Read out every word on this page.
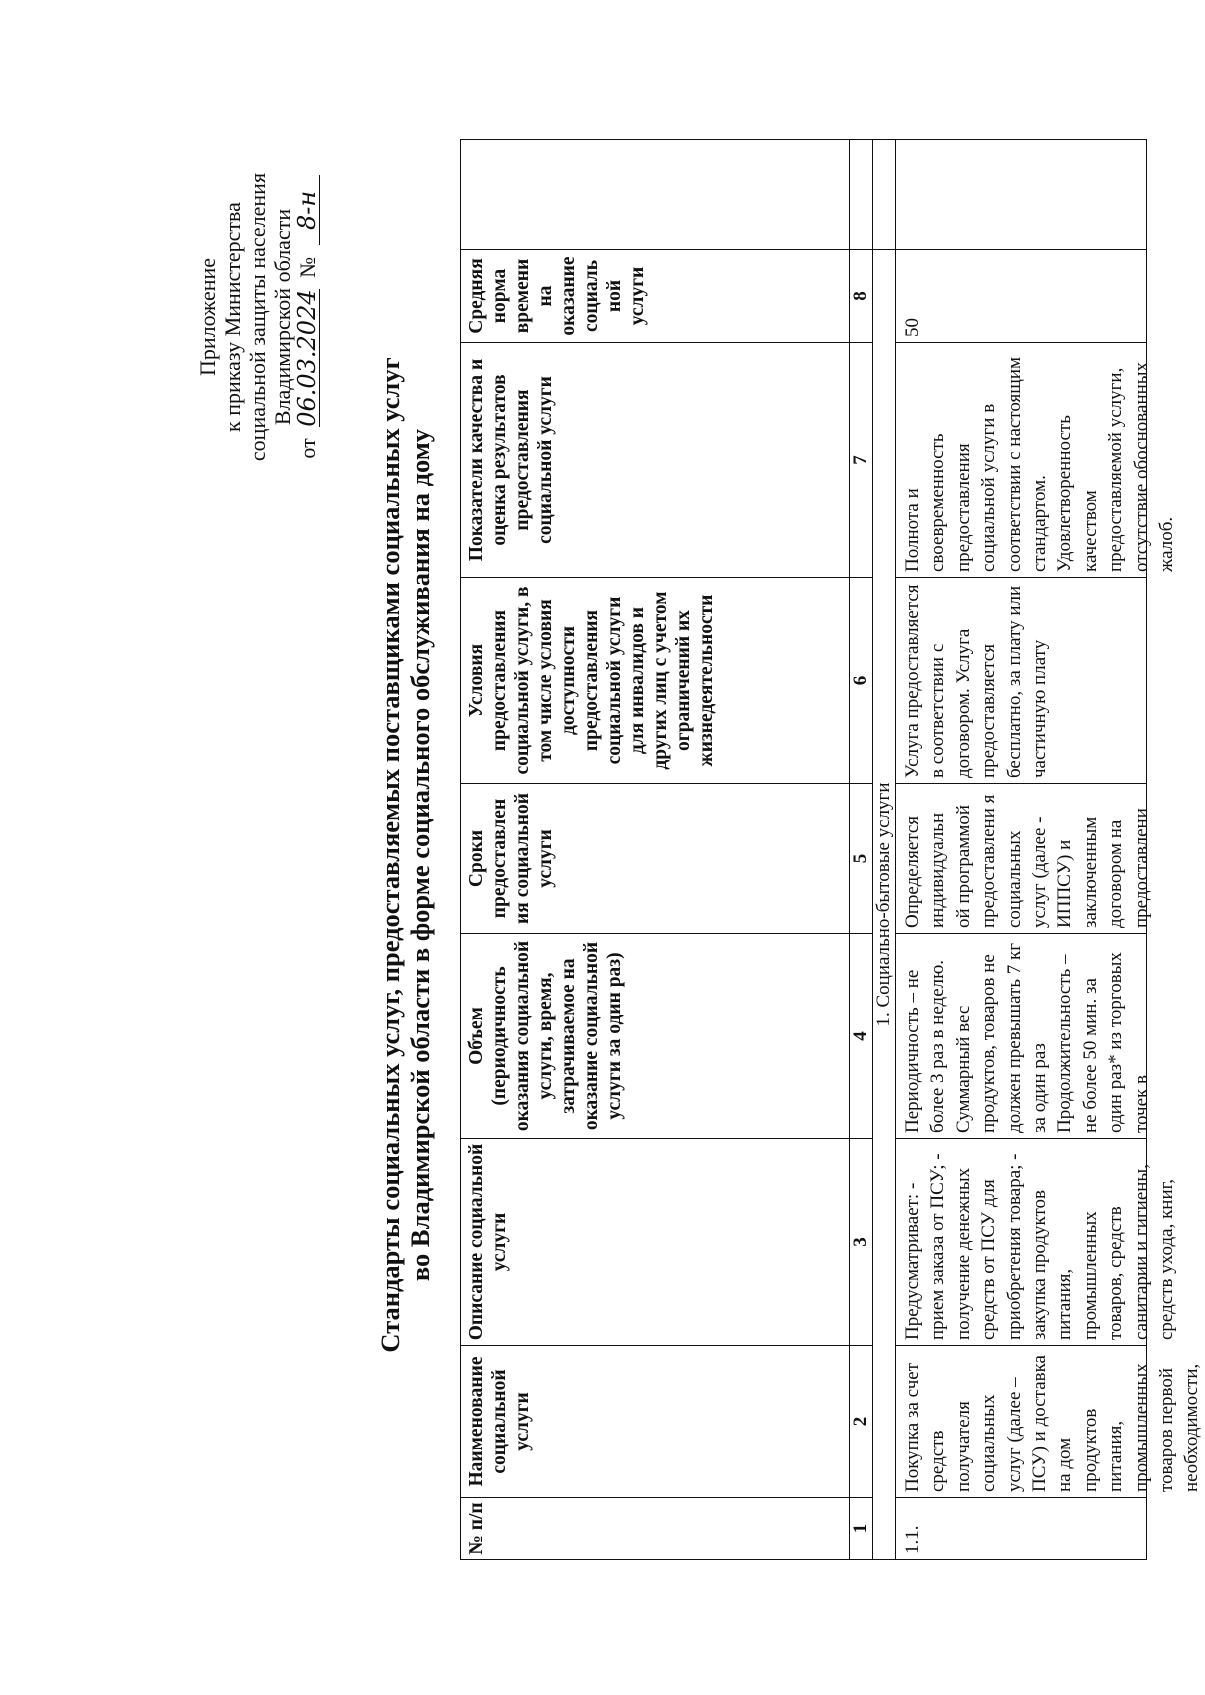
Приложение к приказу Министерства социальной защиты населения Владимирской области
от 06.03.2024 № 8-н
Стандарты социальных услуг, предоставляемых поставщиками социальных услуг во Владимирской области в форме социального обслуживания на дому
№ п/п	Наименование социальной услуги	Описание социальной услуги	Объем (периодичность оказания социальной услуги, время, затрачиваемое на оказание социальной услуги за один раз)	Сроки предоставлен ия социальной услуги	Условия предоставления социальной услуги, в том числе условия доступности предоставления социальной услуги для инвалидов и других лиц с учетом ограничений их жизнедеятельности	Показатели качества и оценка результатов предоставления социальной услуги	Средняя норма времени на оказание социаль ной услуги	
1	2	3	4	5	6	7	8	
1. Социально-бытовые услуги								

1.1.	Покупка за счет средств получателя социальных услуг (далее – ПСУ) и доставка на дом продуктов питания, промышленных товаров первой необходимости,	Предусматривает: - прием заказа от ПСУ; - получение денежных средств от ПСУ для приобретения товара; - закупка продуктов питания, промышленных товаров, средств санитарии и гигиены, средств ухода, книг,	Периодичность – не более 3 раз в неделю. Суммарный вес продуктов, товаров не должен превышать 7 кг за один раз Продолжительность – не более 50 мин. за один раз* из торговых точек в	Определяется индивидуальн ой программой предоставлени я социальных услуг (далее - ИППСУ) и заключенным договором на предоставлени	Услуга предоставляется в соответствии с договором. Услуга предоставляется бесплатно, за плату или частичную плату	Полнота и своевременность предоставления социальной услуги в соответствии с настоящим стандартом. Удовлетворенность качеством предоставляемой услуги, отсутствие обоснованных жалоб.	50	
